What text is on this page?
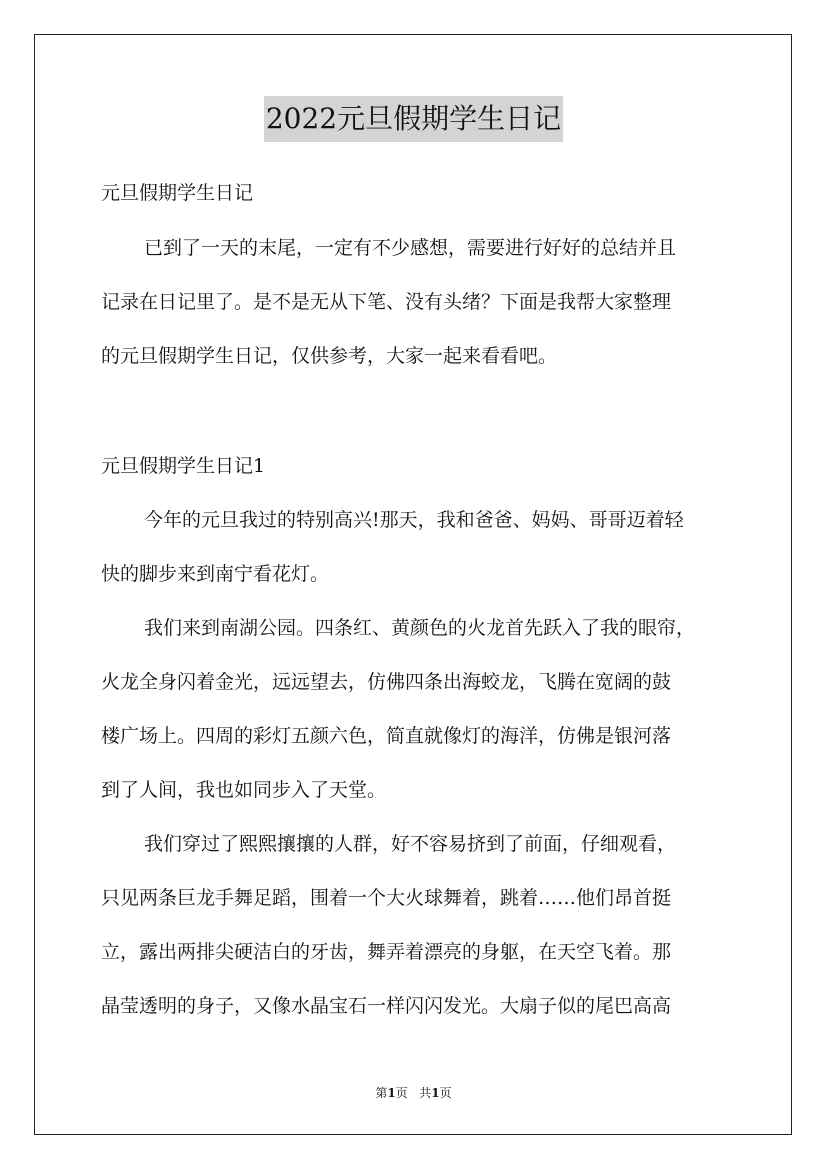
2022元旦假期学生日记
元旦假期学生日记
已到了一天的末尾，一定有不少感想，需要进行好好的总结并且
记录在日记里了。是不是无从下笔、没有头绪？下面是我帮大家整理
的元旦假期学生日记，仅供参考，大家一起来看看吧。
元旦假期学生日记1
今年的元旦我过的特别高兴!那天，我和爸爸、妈妈、哥哥迈着轻
快的脚步来到南宁看花灯。
我们来到南湖公园。四条红、黄颜色的火龙首先跃入了我的眼帘，
火龙全身闪着金光，远远望去，仿佛四条出海蛟龙，飞腾在宽阔的鼓
楼广场上。四周的彩灯五颜六色，简直就像灯的海洋，仿佛是银河落
到了人间，我也如同步入了天堂。
我们穿过了熙熙攘攘的人群，好不容易挤到了前面，仔细观看，
只见两条巨龙手舞足蹈，围着一个大火球舞着，跳着……他们昂首挺
立，露出两排尖硬洁白的牙齿，舞弄着漂亮的身躯，在天空飞着。那
晶莹透明的身子，又像水晶宝石一样闪闪发光。大扇子似的尾巴高高
第1页 共1页
